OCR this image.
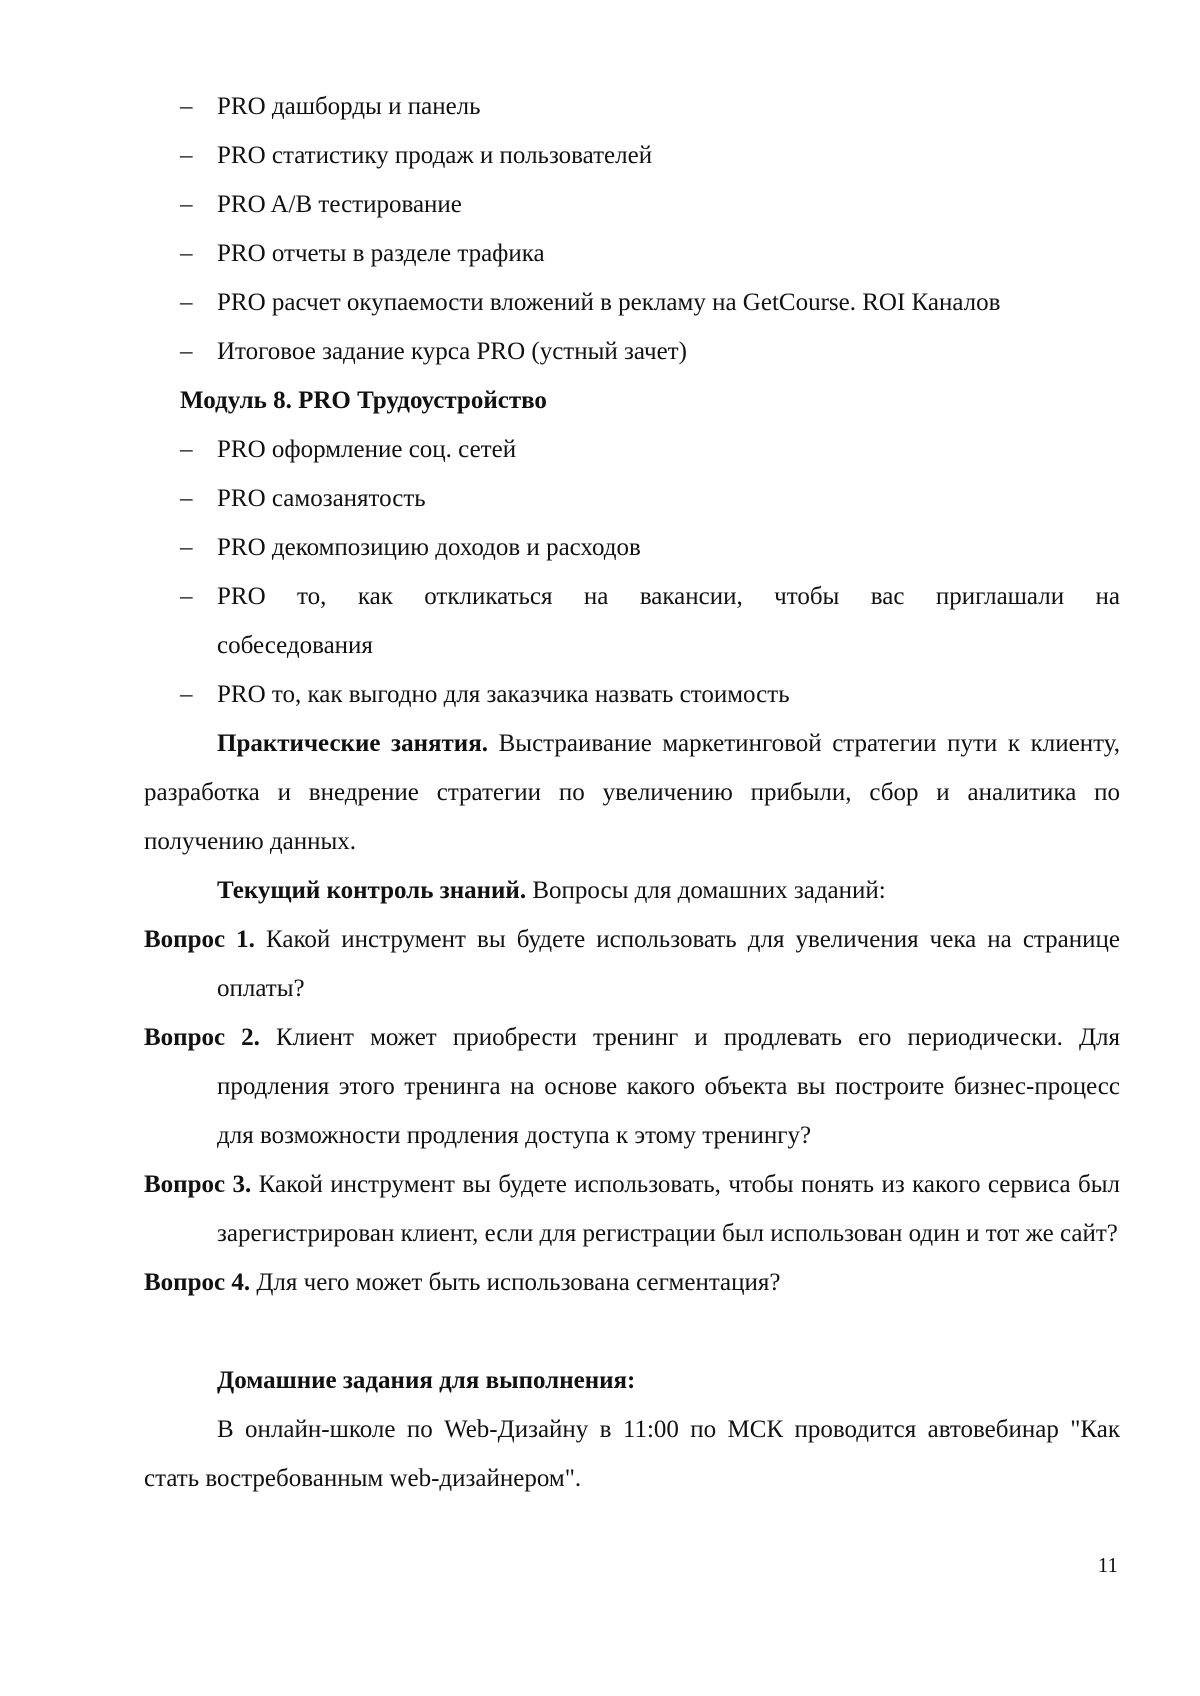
– PRO дашборды и панель
– PRO статистику продаж и пользователей
– PRO A/B тестирование
– PRO отчеты в разделе трафика
– PRO расчет окупаемости вложений в рекламу на GetCourse. ROI Каналов
– Итоговое задание курса PRO (устный зачет)
Модуль 8. PRO Трудоустройство
– PRO оформление соц. сетей
– PRO самозанятость
– PRO декомпозицию доходов и расходов
– PRO то, как откликаться на вакансии, чтобы вас приглашали на
собеседования
– PRO то, как выгодно для заказчика назвать стоимость
Практические занятия. Выстраивание маркетинговой стратегии пути к клиенту, разработка и внедрение стратегии по увеличению прибыли, сбор и аналитика по получению данных.
Текущий контроль знаний. Вопросы для домашних заданий:
Вопрос 1. Какой инструмент вы будете использовать для увеличения чека на странице оплаты?
Вопрос 2. Клиент может приобрести тренинг и продлевать его периодически. Для продления этого тренинга на основе какого объекта вы построите бизнес-процесс для возможности продления доступа к этому тренингу?
Вопрос 3. Какой инструмент вы будете использовать, чтобы понять из какого сервиса был зарегистрирован клиент, если для регистрации был использован один и тот же сайт?
Вопрос 4. Для чего может быть использована сегментация?
Домашние задания для выполнения:
В онлайн-школе по Web-Дизайну в 11:00 по МСК проводится автовебинар "Как стать востребованным web-дизайнером".
11
